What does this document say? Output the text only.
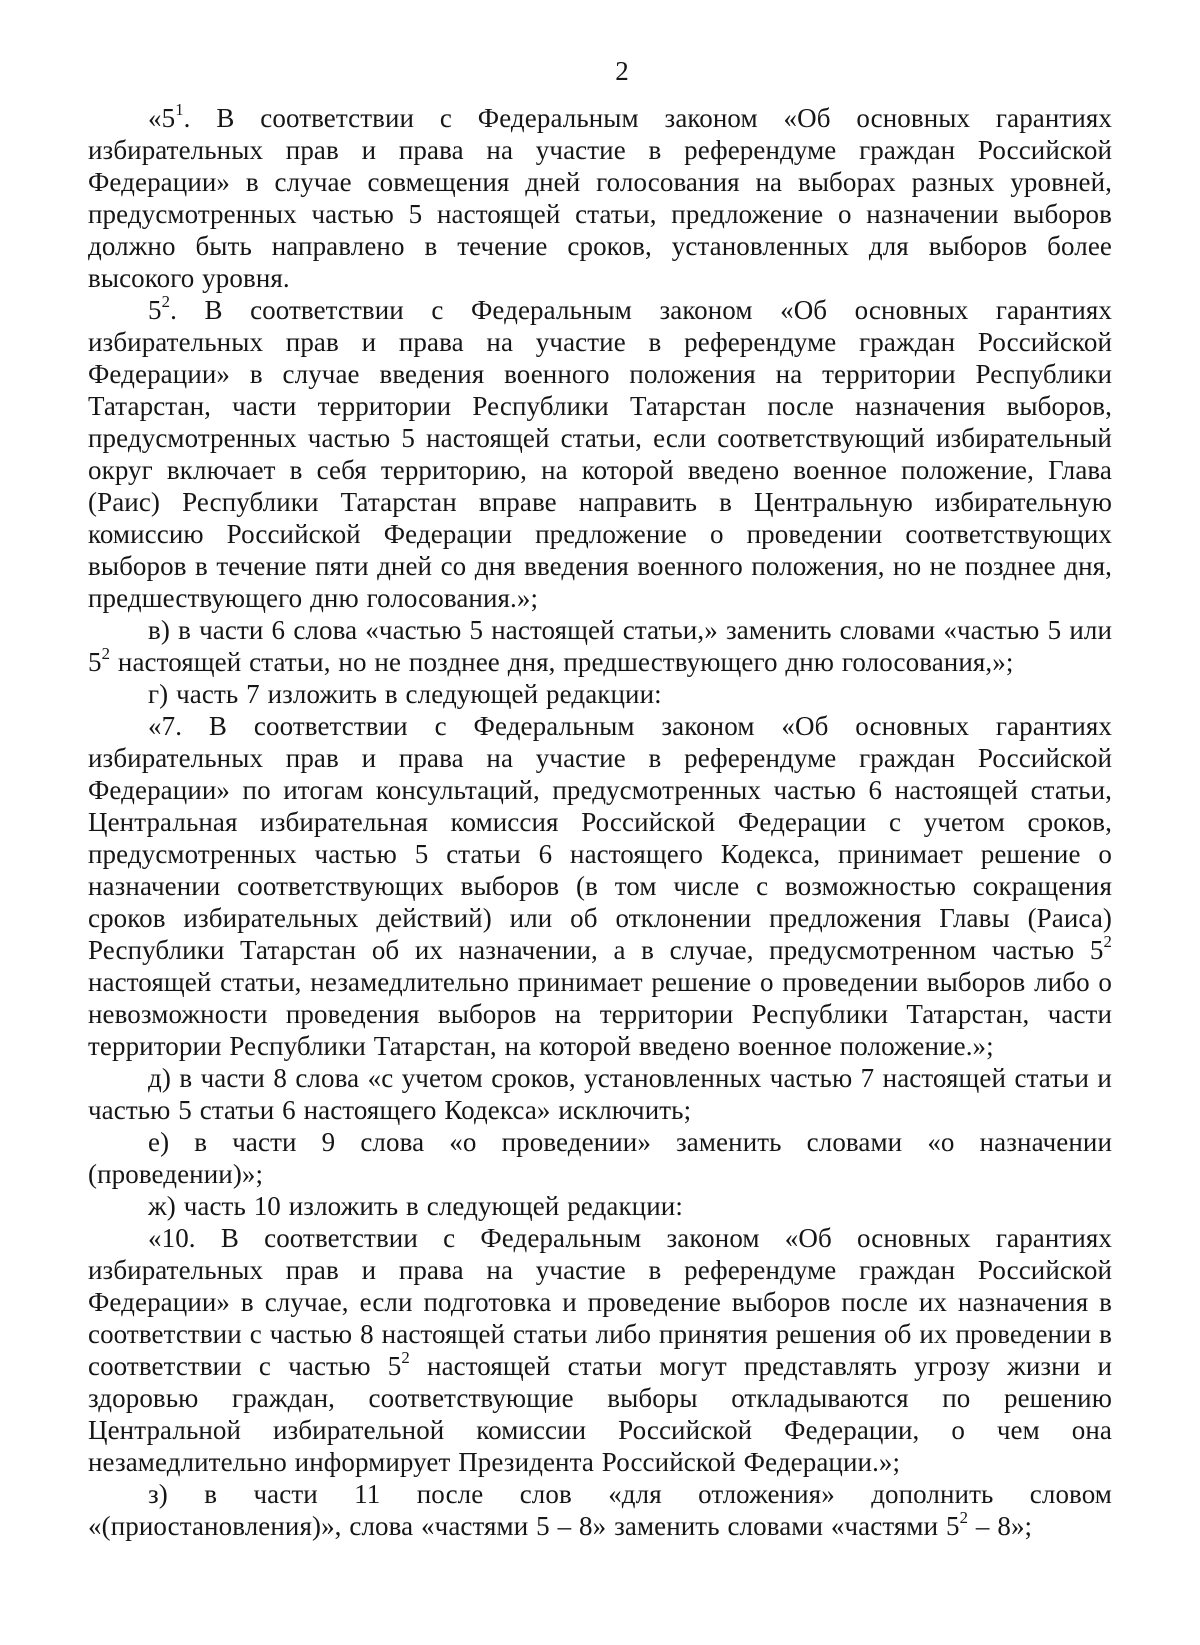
2

«$5^1$. В соответствии с Федеральным законом «Об основных гарантиях избирательных прав и права на участие в референдуме граждан Российской Федерации» в случае совмещения дней голосования на выборах разных уровней, предусмотренных частью 5 настоящей статьи, предложение о назначении выборов должно быть направлено в течение сроков, установленных для выборов более высокого уровня.

$5^2$. В соответствии с Федеральным законом «Об основных гарантиях избирательных прав и права на участие в референдуме граждан Российской Федерации» в случае введения военного положения на территории Республики Татарстан, части территории Республики Татарстан после назначения выборов, предусмотренных частью 5 настоящей статьи, если соответствующий избирательный округ включает в себя территорию, на которой введено военное положение, Глава (Раис) Республики Татарстан вправе направить в Центральную избирательную комиссию Российской Федерации предложение о проведении соответствующих выборов в течение пяти дней со дня введения военного положения, но не позднее дня, предшествующего дню голосования.»;

в) в части 6 слова «частью 5 настоящей статьи,» заменить словами «частью 5 или $5^2$ настоящей статьи, но не позднее дня, предшествующего дню голосования,»;

г) часть 7 изложить в следующей редакции:

«7. В соответствии с Федеральным законом «Об основных гарантиях избирательных прав и права на участие в референдуме граждан Российской Федерации» по итогам консультаций, предусмотренных частью 6 настоящей статьи, Центральная избирательная комиссия Российской Федерации с учетом сроков, предусмотренных частью 5 статьи 6 настоящего Кодекса, принимает решение о назначении соответствующих выборов (в том числе с возможностью сокращения сроков избирательных действий) или об отклонении предложения Главы (Раиса) Республики Татарстан об их назначении, а в случае, предусмотренном частью $5^2$ настоящей статьи, незамедлительно принимает решение о проведении выборов либо о невозможности проведения выборов на территории Республики Татарстан, части территории Республики Татарстан, на которой введено военное положение.»;

д) в части 8 слова «с учетом сроков, установленных частью 7 настоящей статьи и частью 5 статьи 6 настоящего Кодекса» исключить;

е) в части 9 слова «о проведении» заменить словами «о назначении (проведении)»;

ж) часть 10 изложить в следующей редакции:

«10. В соответствии с Федеральным законом «Об основных гарантиях избирательных прав и права на участие в референдуме граждан Российской Федерации» в случае, если подготовка и проведение выборов после их назначения в соответствии с частью 8 настоящей статьи либо принятия решения об их проведении в соответствии с частью $5^2$ настоящей статьи могут представлять угрозу жизни и здоровью граждан, соответствующие выборы откладываются по решению Центральной избирательной комиссии Российской Федерации, о чем она незамедлительно информирует Президента Российской Федерации.»;

з) в части 11 после слов «для отложения» дополнить словом «(приостановления)», слова «частями 5 – 8» заменить словами «частями $5^2 - 8$»;
